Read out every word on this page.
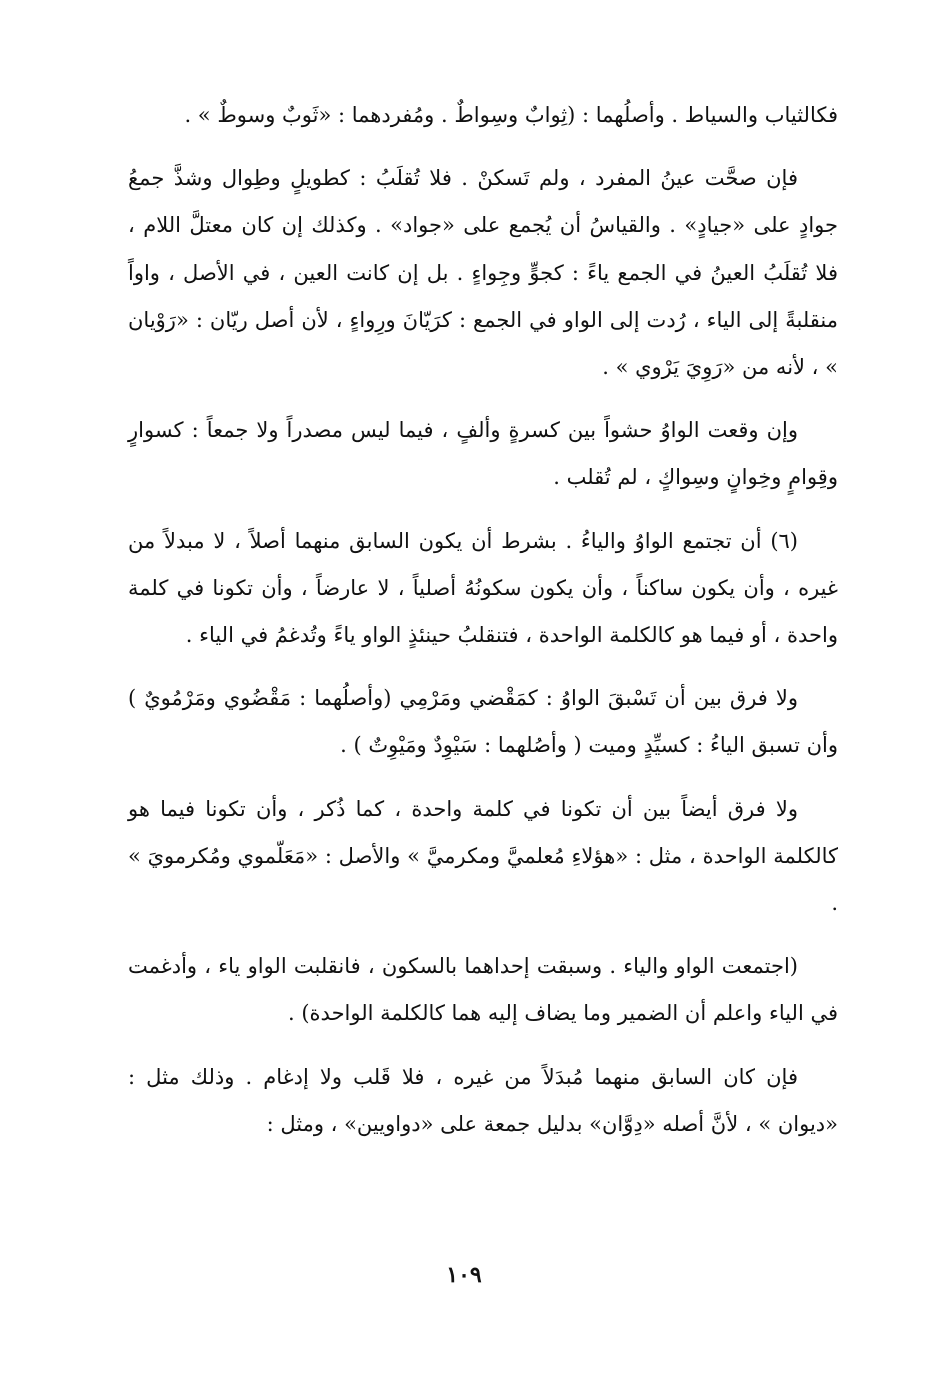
فكالثياب والسياط . وأصلُهما : (ثِوابٌ وسِواطٌ . ومُفردهما : «ثَوبٌ وسوطٌ » .

فإن صحَّت عينُ المفرد ، ولم تَسكنْ . فلا تُقلَبُ : كطويلٍ وطِوال وشذَّ جمعُ جوادٍ على «جيادٍ» . والقياسُ أن يُجمع على «جواد» . وكذلك إن كان معتلَّ اللام ، فلا تُقلَبُ العينُ في الجمع ياءً : كجوٍّ وجِواءٍ . بل إن كانت العين ، في الأصل ، واواً منقلبةً إلى الياء ، رُدت إلى الواو في الجمع : كرَيّانَ ورِواءٍ ، لأن أصل ريّان : «رَوْيان » ، لأنه من «رَوِيَ يَرْوي » .

وإن وقعت الواوُ حشواً بين كسرةٍ وألفٍ ، فيما ليس مصدراً ولا جمعاً : كسوارٍ وقِوامٍ وخِوانٍ وسِواكٍ ، لم تُقلب .

(٦) أن تجتمع الواوُ والياءُ . بشرط أن يكون السابق منهما أصلاً ، لا مبدلاً من غيره ، وأن يكون ساكناً ، وأن يكون سكونُهُ أصلياً ، لا عارضاً ، وأن تكونا في كلمة واحدة ، أو فيما هو كالكلمة الواحدة ، فتنقلبُ حينئذٍ الواو ياءً وتُدغمُ في الياء .

ولا فرق بين أن تَسْبقَ الواوُ : كمَقْضي ومَرْمِي (وأصلُهما : مَقْضُوي ومَرْمُويٌ ) وأن تسبق الياءُ : كسيِّدٍ وميت ( وأصُلهما : سَيْوِدٌ ومَيْوِتٌ ) .

ولا فرق أيضاً بين أن تكونا في كلمة واحدة ، كما ذُكر ، وأن تكونا فيما هو كالكلمة الواحدة ، مثل : «هؤلاءِ مُعلميَّ ومكرميَّ » والأصل : «مَعَلّموي ومُكرمويَ » .

(اجتمعت الواو والياء . وسبقت إحداهما بالسكون ، فانقلبت الواو ياء ، وأدغمت في الياء واعلم أن الضمير وما يضاف إليه هما كالكلمة الواحدة) .

فإن كان السابق منهما مُبدَلاً من غيره ، فلا قَلب ولا إدغام . وذلك مثل : «ديوان » ، لأنَّ أصله «دِوَّان» بدليل جمعة على «دواويين» ، ومثل :

١٠٩
